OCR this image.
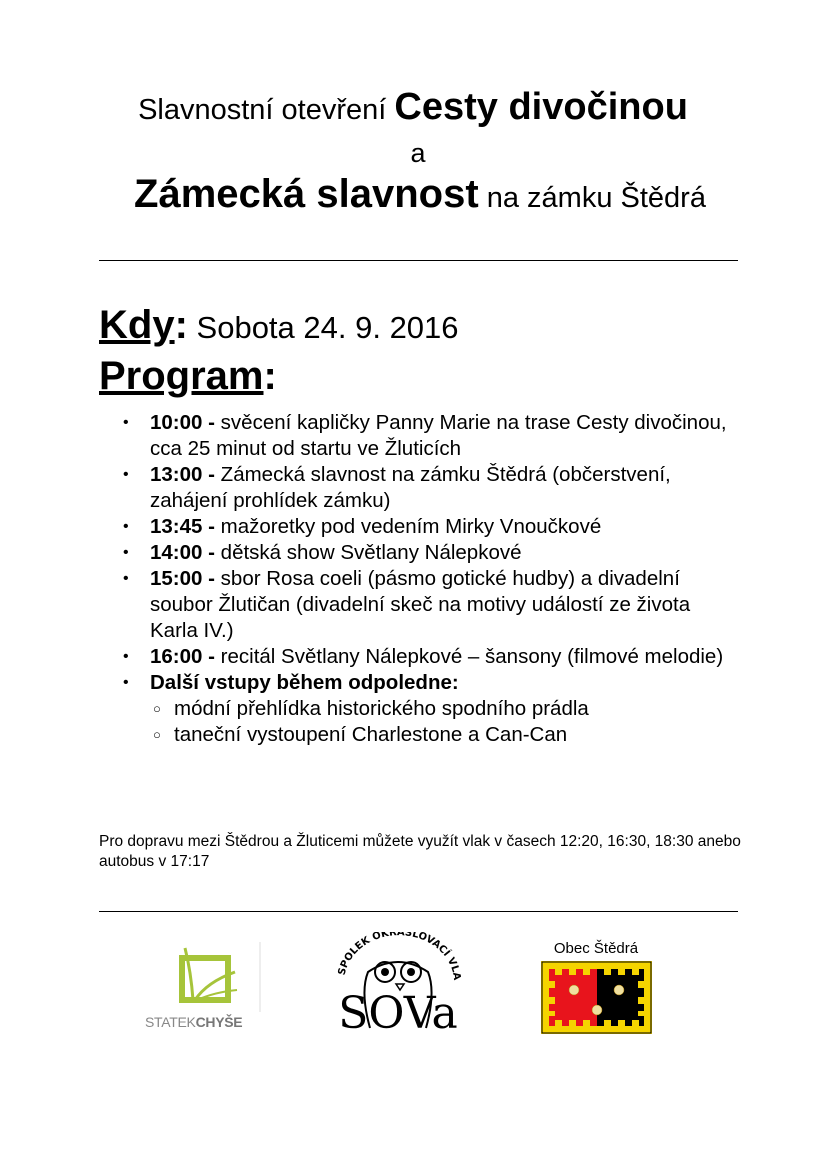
Slavnostní otevření Cesty divočinou
a
Zámecká slavnost na zámku Štědrá
Kdy: Sobota 24. 9. 2016
Program:
• 10:00 - svěcení kapličky Panny Marie na trase Cesty divočinou, cca 25 minut od startu ve Žluticích
• 13:00 - Zámecká slavnost na zámku Štědrá (občerstvení, zahájení prohlídek zámku)
• 13:45 - mažoretky pod vedením Mirky Vnoučkové
• 14:00 - dětská show Světlany Nálepkové
• 15:00 - sbor Rosa coeli (pásmo gotické hudby) a divadelní soubor Žlutičan (divadelní skeč na motivy událostí ze života Karla IV.)
• 16:00 - recitál Světlany Nálepkové – šansony (filmové melodie)
• Další vstupy během odpoledne:
○ módní přehlídka historického spodního prádla
○ taneční vystoupení Charlestone a Can-Can
Pro dopravu mezi Štědrou a Žluticemi můžete využít vlak v časech 12:20, 16:30, 18:30 anebo autobus v 17:17
STATEKCHYŠE
SPOLEK OKRAŠLOVACÍ VLA
SOVa
Obec Štědrá
